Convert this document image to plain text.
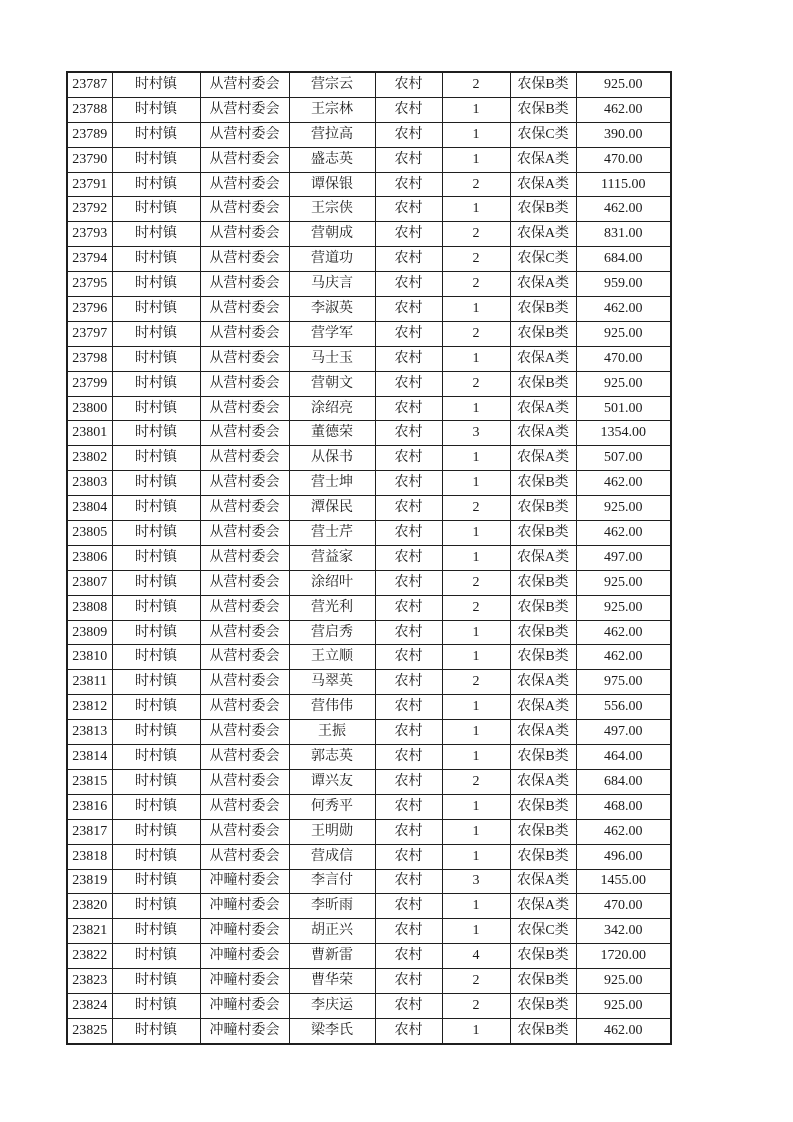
23787	时村镇	从营村委会	营宗云	农村	2	农保B类	925.00
23788	时村镇	从营村委会	王宗林	农村	1	农保B类	462.00
23789	时村镇	从营村委会	营拉高	农村	1	农保C类	390.00
23790	时村镇	从营村委会	盛志英	农村	1	农保A类	470.00
23791	时村镇	从营村委会	谭保银	农村	2	农保A类	1115.00
23792	时村镇	从营村委会	王宗侠	农村	1	农保B类	462.00
23793	时村镇	从营村委会	营朝成	农村	2	农保A类	831.00
23794	时村镇	从营村委会	营道功	农村	2	农保C类	684.00
23795	时村镇	从营村委会	马庆言	农村	2	农保A类	959.00
23796	时村镇	从营村委会	李淑英	农村	1	农保B类	462.00
23797	时村镇	从营村委会	营学军	农村	2	农保B类	925.00
23798	时村镇	从营村委会	马士玉	农村	1	农保A类	470.00
23799	时村镇	从营村委会	营朝文	农村	2	农保B类	925.00
23800	时村镇	从营村委会	涂绍亮	农村	1	农保A类	501.00
23801	时村镇	从营村委会	董德荣	农村	3	农保A类	1354.00
23802	时村镇	从营村委会	从保书	农村	1	农保A类	507.00
23803	时村镇	从营村委会	营士坤	农村	1	农保B类	462.00
23804	时村镇	从营村委会	潭保民	农村	2	农保B类	925.00
23805	时村镇	从营村委会	营士芹	农村	1	农保B类	462.00
23806	时村镇	从营村委会	营益家	农村	1	农保A类	497.00
23807	时村镇	从营村委会	涂绍叶	农村	2	农保B类	925.00
23808	时村镇	从营村委会	营光利	农村	2	农保B类	925.00
23809	时村镇	从营村委会	营启秀	农村	1	农保B类	462.00
23810	时村镇	从营村委会	王立顺	农村	1	农保B类	462.00
23811	时村镇	从营村委会	马翠英	农村	2	农保A类	975.00
23812	时村镇	从营村委会	营伟伟	农村	1	农保A类	556.00
23813	时村镇	从营村委会	王振	农村	1	农保A类	497.00
23814	时村镇	从营村委会	郭志英	农村	1	农保B类	464.00
23815	时村镇	从营村委会	谭兴友	农村	2	农保A类	684.00
23816	时村镇	从营村委会	何秀平	农村	1	农保B类	468.00
23817	时村镇	从营村委会	王明勋	农村	1	农保B类	462.00
23818	时村镇	从营村委会	营成信	农村	1	农保B类	496.00
23819	时村镇	冲疃村委会	李言付	农村	3	农保A类	1455.00
23820	时村镇	冲疃村委会	李昕雨	农村	1	农保A类	470.00
23821	时村镇	冲疃村委会	胡正兴	农村	1	农保C类	342.00
23822	时村镇	冲疃村委会	曹新雷	农村	4	农保B类	1720.00
23823	时村镇	冲疃村委会	曹华荣	农村	2	农保B类	925.00
23824	时村镇	冲疃村委会	李庆运	农村	2	农保B类	925.00
23825	时村镇	冲疃村委会	梁李氏	农村	1	农保B类	462.00
